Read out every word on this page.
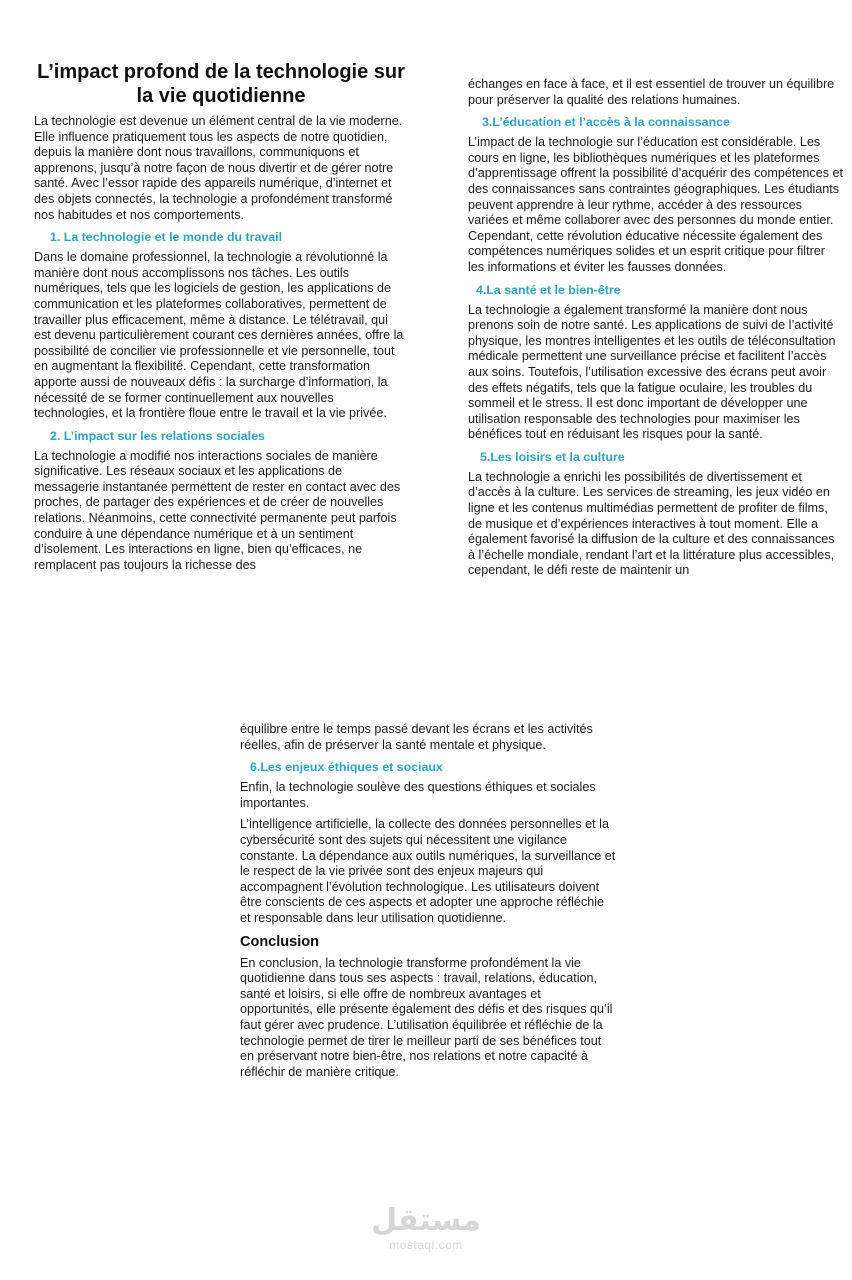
L’impact profond de la technologie sur la vie quotidienne

La technologie est devenue un élément central de la vie moderne. Elle influence pratiquement tous les aspects de notre quotidien, depuis la manière dont nous travaillons, communiquons et apprenons, jusqu’à notre façon de nous divertir et de gérer notre santé. Avec l’essor rapide des appareils numérique, d’internet et des objets connectés, la technologie a profondément transformé nos habitudes et nos comportements.

1. La technologie et le monde du travail

Dans le domaine professionnel, la technologie a révolutionné la manière dont nous accomplissons nos tâches. Les outils numériques, tels que les logiciels de gestion, les applications de communication et les plateformes collaboratives, permettent de travailler plus efficacement, même à distance. Le télétravail, qui est devenu particulièrement courant ces dernières années, offre la possibilité de concilier vie professionnelle et vie personnelle, tout en augmentant la flexibilité. Cependant, cette transformation apporte aussi de nouveaux défis : la surcharge d’information, la nécessité de se former continuellement aux nouvelles technologies, et la frontière floue entre le travail et la vie privée.

2. L’impact sur les relations sociales

La technologie a modifié nos interactions sociales de manière significative. Les réseaux sociaux et les applications de messagerie instantanée permettent de rester en contact avec des proches, de partager des expériences et de créer de nouvelles relations. Néanmoins, cette connectivité permanente peut parfois conduire à une dépendance numérique et à un sentiment d’isolement. Les interactions en ligne, bien qu’efficaces, ne remplacent pas toujours la richesse des

échanges en face à face, et il est essentiel de trouver un équilibre pour préserver la qualité des relations humaines.

3.L’éducation et l’accès à la connaissance

L’impact de la technologie sur l’éducation est considérable. Les cours en ligne, les bibliothèques numériques et les plateformes d’apprentissage offrent la possibilité d’acquérir des compétences et des connaissances sans contraintes géographiques. Les étudiants peuvent apprendre à leur rythme, accéder à des ressources variées et même collaborer avec des personnes du monde entier. Cependant, cette révolution éducative nécessite également des compétences numériques solides et un esprit critique pour filtrer les informations et éviter les fausses données.

4.La santé et le bien-être

La technologie a également transformé la manière dont nous prenons soin de notre santé. Les applications de suivi de l’activité physique, les montres intelligentes et les outils de téléconsultation médicale permettent une surveillance précise et facilitent l’accès aux soins. Toutefois, l’utilisation excessive des écrans peut avoir des effets négatifs, tels que la fatigue oculaire, les troubles du sommeil et le stress. Il est donc important de développer une utilisation responsable des technologies pour maximiser les bénéfices tout en réduisant les risques pour la santé.

5.Les loisirs et la culture

La technologie a enrichi les possibilités de divertissement et d’accès à la culture. Les services de streaming, les jeux vidéo en ligne et les contenus multimédias permettent de profiter de films, de musique et d’expériences interactives à tout moment. Elle a également favorisé la diffusion de la culture et des connaissances à l’échelle mondiale, rendant l’art et la littérature plus accessibles, cependant, le défi reste de maintenir un

équilibre entre le temps passé devant les écrans et les activités réelles, afin de préserver la santé mentale et physique.

6.Les enjeux éthiques et sociaux

Enfin, la technologie soulève des questions éthiques et sociales importantes.

L’intelligence artificielle, la collecte des données personnelles et la cybersécurité sont des sujets qui nécessitent une vigilance constante. La dépendance aux outils numériques, la surveillance et le respect de la vie privée sont des enjeux majeurs qui accompagnent l’évolution technologique. Les utilisateurs doivent être conscients de ces aspects et adopter une approche réfléchie et responsable dans leur utilisation quotidienne.

Conclusion

En conclusion, la technologie transforme profondément la vie quotidienne dans tous ses aspects : travail, relations, éducation, santé et loisirs, si elle offre de nombreux avantages et opportunités, elle présente également des défis et des risques qu’il faut gérer avec prudence. L’utilisation équilibrée et réfléchie de la technologie permet de tirer le meilleur parti de ses bénéfices tout en préservant notre bien-être, nos relations et notre capacité à réfléchir de manière critique.

مستقل
mostaql.com
